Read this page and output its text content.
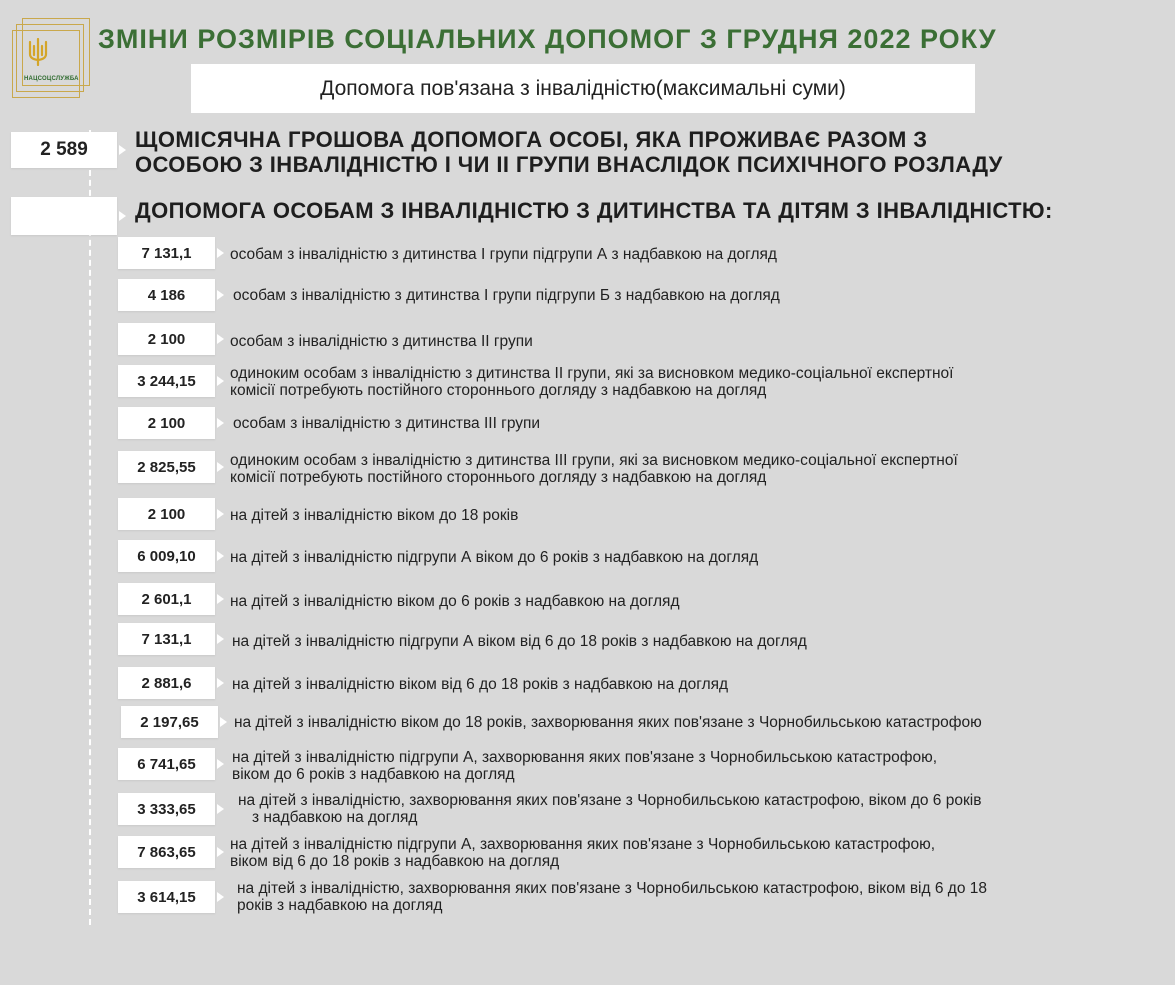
НАЦСОЦСЛУЖБА
ЗМІНИ РОЗМІРІВ СОЦІАЛЬНИХ ДОПОМОГ З ГРУДНЯ 2022 РОКУ
Допомога пов'язана з інвалідністю(максимальні суми)
2 589	ЩОМІСЯЧНА ГРОШОВА ДОПОМОГА ОСОБІ, ЯКА ПРОЖИВАЄ РАЗОМ З
ОСОБОЮ З ІНВАЛІДНІСТЮ І ЧИ ІІ ГРУПИ ВНАСЛІДОК ПСИХІЧНОГО РОЗЛАДУ
ДОПОМОГА ОСОБАМ З ІНВАЛІДНІСТЮ З ДИТИНСТВА ТА ДІТЯМ З ІНВАЛІДНІСТЮ:
7 131,1	особам з інвалідністю з дитинства І групи підгрупи А з надбавкою на догляд
4 186	особам з інвалідністю з дитинства І групи підгрупи Б з надбавкою на догляд
2 100	особам з інвалідністю з дитинства ІІ групи
3 244,15	одиноким особам з інвалідністю з дитинства ІІ групи, які за висновком медико-соціальної експертної
комісії потребують постійного стороннього догляду з надбавкою на догляд
2 100	особам з інвалідністю з дитинства ІІІ групи
2 825,55	одиноким особам з інвалідністю з дитинства ІІІ групи, які за висновком медико-соціальної експертної
комісії потребують постійного стороннього догляду з надбавкою на догляд
2 100	на дітей з інвалідністю віком до 18 років
6 009,10	на дітей з інвалідністю підгрупи А віком до 6 років з надбавкою на догляд
2 601,1	на дітей з інвалідністю віком до 6 років з надбавкою на догляд
7 131,1	на дітей з інвалідністю підгрупи А віком від 6 до 18 років з надбавкою на догляд
2 881,6	на дітей з інвалідністю віком від 6 до 18 років з надбавкою на догляд
2 197,65	на дітей з інвалідністю віком до 18 років, захворювання яких пов'язане з Чорнобильською катастрофою
6 741,65	на дітей з інвалідністю підгрупи А, захворювання яких пов'язане з Чорнобильською катастрофою,
віком до 6 років з надбавкою на догляд
3 333,65	на дітей з інвалідністю, захворювання яких пов'язане з Чорнобильською катастрофою, віком до 6 років
з надбавкою на догляд
7 863,65	на дітей з інвалідністю підгрупи А, захворювання яких пов'язане з Чорнобильською катастрофою,
віком від 6 до 18 років з надбавкою на догляд
3 614,15	на дітей з інвалідністю, захворювання яких пов'язане з Чорнобильською катастрофою, віком від 6 до 18
років з надбавкою на догляд
